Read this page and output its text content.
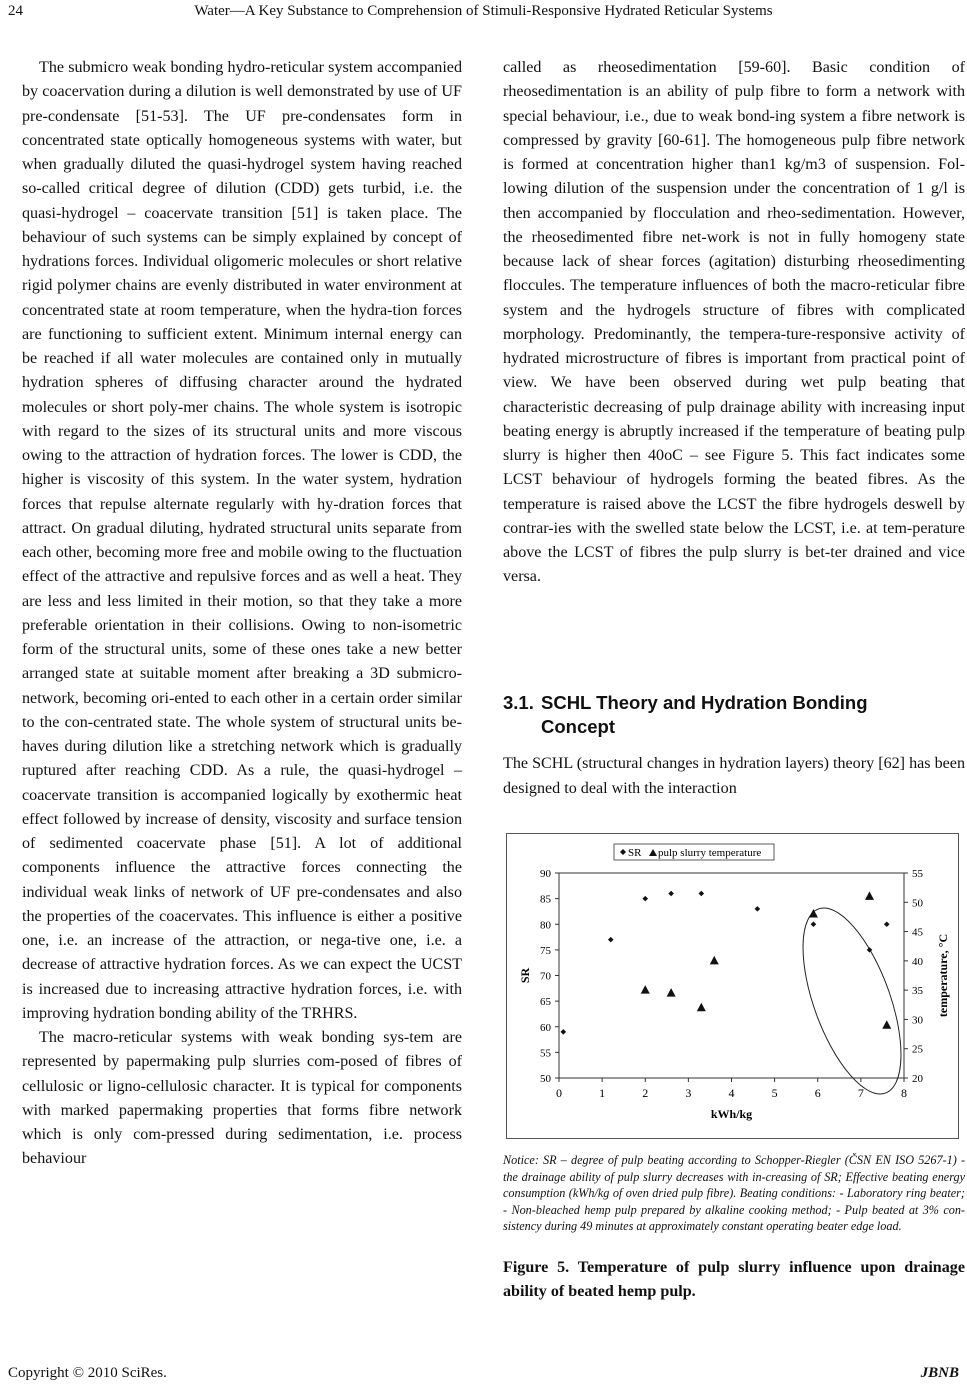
24	Water—A Key Substance to Comprehension of Stimuli-Responsive Hydrated Reticular Systems

The submicro weak bonding hydro-reticular system accompanied by coacervation during a dilution is well demonstrated by use of UF pre-condensate [51-53]. The UF pre-condensates form in concentrated state optically homogeneous systems with water, but when gradually diluted the quasi-hydrogel system having reached so-called critical degree of dilution (CDD) gets turbid, i.e. the quasi-hydrogel – coacervate transition [51] is taken place. The behaviour of such systems can be simply explained by concept of hydrations forces. Individual oligomeric molecules or short relative rigid polymer chains are evenly distributed in water environment at concentrated state at room temperature, when the hydra-tion forces are functioning to sufficient extent. Minimum internal energy can be reached if all water molecules are contained only in mutually hydration spheres of diffusing character around the hydrated molecules or short poly-mer chains. The whole system is isotropic with regard to the sizes of its structural units and more viscous owing to the attraction of hydration forces. The lower is CDD, the higher is viscosity of this system. In the water system, hydration forces that repulse alternate regularly with hy-dration forces that attract. On gradual diluting, hydrated structural units separate from each other, becoming more free and mobile owing to the fluctuation effect of the attractive and repulsive forces and as well a heat. They are less and less limited in their motion, so that they take a more preferable orientation in their collisions. Owing to non-isometric form of the structural units, some of these ones take a new better arranged state at suitable moment after breaking a 3D submicro-network, becoming ori-ented to each other in a certain order similar to the con-centrated state. The whole system of structural units be-haves during dilution like a stretching network which is gradually ruptured after reaching CDD. As a rule, the quasi-hydrogel – coacervate transition is accompanied logically by exothermic heat effect followed by increase of density, viscosity and surface tension of sedimented coacervate phase [51]. A lot of additional components influence the attractive forces connecting the individual weak links of network of UF pre-condensates and also the properties of the coacervates. This influence is either a positive one, i.e. an increase of the attraction, or nega-tive one, i.e. a decrease of attractive hydration forces. As we can expect the UCST is increased due to increasing attractive hydration forces, i.e. with improving hydration bonding ability of the TRHRS.

The macro-reticular systems with weak bonding sys-tem are represented by papermaking pulp slurries com-posed of fibres of cellulosic or ligno-cellulosic character. It is typical for components with marked papermaking properties that forms fibre network which is only com-pressed during sedimentation, i.e. process behaviour

called as rheosedimentation [59-60]. Basic condition of rheosedimentation is an ability of pulp fibre to form a network with special behaviour, i.e., due to weak bond-ing system a fibre network is compressed by gravity [60-61]. The homogeneous pulp fibre network is formed at concentration higher than1 kg/m3 of suspension. Fol-lowing dilution of the suspension under the concentration of 1 g/l is then accompanied by flocculation and rheo-sedimentation. However, the rheosedimented fibre net-work is not in fully homogeny state because lack of shear forces (agitation) disturbing rheosedimenting floccules. The temperature influences of both the macro-reticular fibre system and the hydrogels structure of fibres with complicated morphology. Predominantly, the tempera-ture-responsive activity of hydrated microstructure of fibres is important from practical point of view. We have been observed during wet pulp beating that characteristic decreasing of pulp drainage ability with increasing input beating energy is abruptly increased if the temperature of beating pulp slurry is higher then 40oC – see Figure 5. This fact indicates some LCST behaviour of hydrogels forming the beated fibres. As the temperature is raised above the LCST the fibre hydrogels deswell by contrar-ies with the swelled state below the LCST, i.e. at tem-perature above the LCST of fibres the pulp slurry is bet-ter drained and vice versa.

3.1. SCHL Theory and Hydration Bonding
Concept
The SCHL (structural changes in hydration layers) theory [62] has been designed to deal with the interaction
50
55
60
65
70
75
80
85
90
20
25
30
35
40
45
50
55
0	1	2	3	4	5	6	7	8
kWh/kg
SR	temperature, °C
SR pulp slurry temperature
Notice: SR – degree of pulp beating according to Schopper-Riegler (ČSN EN ISO 5267-1) - the drainage ability of pulp slurry decreases with in-creasing of SR; Effective beating energy consumption (kWh/kg of oven dried pulp fibre). Beating conditions: - Laboratory ring beater; - Non-bleached hemp pulp prepared by alkaline cooking method; - Pulp beated at 3% con-sistency during 49 minutes at approximately constant operating beater edge load.
Figure 5. Temperature of pulp slurry influence upon drainage ability of beated hemp pulp.
Copyright © 2010 SciRes.	JBNB
